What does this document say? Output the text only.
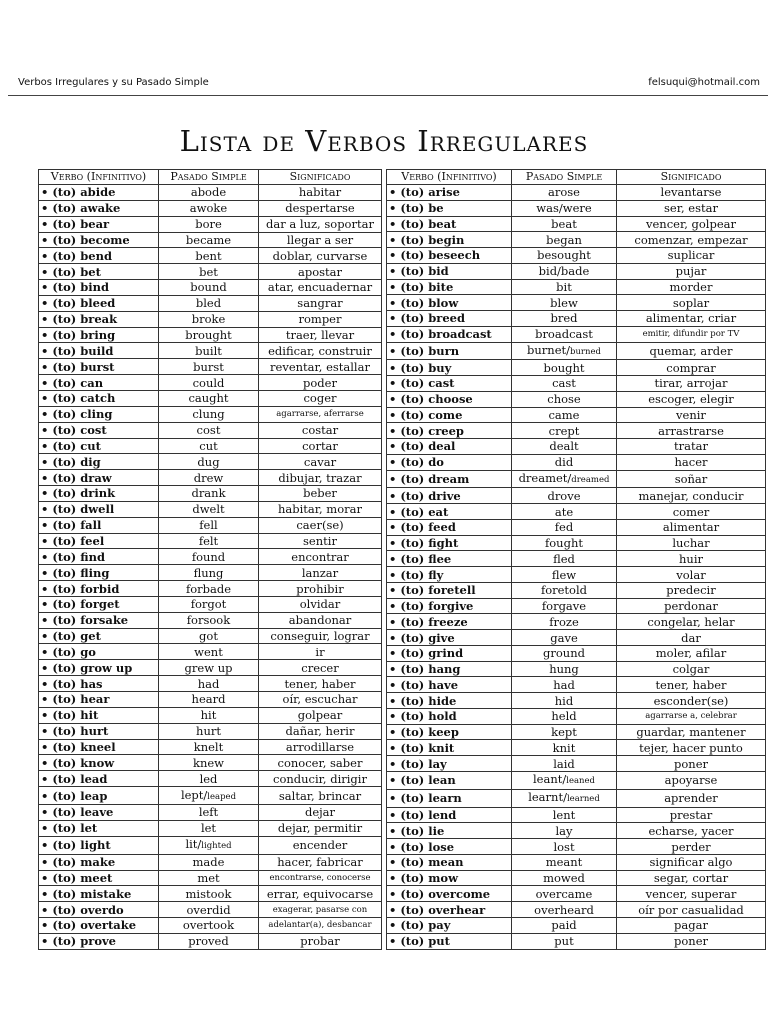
Verbos Irregulares y su Pasado Simple	felsuqui@hotmail.com
Lista de Verbos Irregulares
Verbo (Infinitivo)	Pasado Simple	Significado
• (to) abide	abode	habitar
• (to) awake	awoke	despertarse
• (to) bear	bore	dar a luz, soportar
• (to) become	became	llegar a ser
• (to) bend	bent	doblar, curvarse
• (to) bet	bet	apostar
• (to) bind	bound	atar, encuadernar
• (to) bleed	bled	sangrar
• (to) break	broke	romper
• (to) bring	brought	traer, llevar
• (to) build	built	edificar, construir
• (to) burst	burst	reventar, estallar
• (to) can	could	poder
• (to) catch	caught	coger
• (to) cling	clung	agarrarse, aferrarse
• (to) cost	cost	costar
• (to) cut	cut	cortar
• (to) dig	dug	cavar
• (to) draw	drew	dibujar, trazar
• (to) drink	drank	beber
• (to) dwell	dwelt	habitar, morar
• (to) fall	fell	caer(se)
• (to) feel	felt	sentir
• (to) find	found	encontrar
• (to) fling	flung	lanzar
• (to) forbid	forbade	prohibir
• (to) forget	forgot	olvidar
• (to) forsake	forsook	abandonar
• (to) get	got	conseguir, lograr
• (to) go	went	ir
• (to) grow up	grew up	crecer
• (to) has	had	tener, haber
• (to) hear	heard	oír, escuchar
• (to) hit	hit	golpear
• (to) hurt	hurt	dañar, herir
• (to) kneel	knelt	arrodillarse
• (to) know	knew	conocer, saber
• (to) lead	led	conducir, dirigir
• (to) leap	lept/leaped	saltar, brincar
• (to) leave	left	dejar
• (to) let	let	dejar, permitir
• (to) light	lit/lighted	encender
• (to) make	made	hacer, fabricar
• (to) meet	met	encontrarse, conocerse
• (to) mistake	mistook	errar, equivocarse
• (to) overdo	overdid	exagerar, pasarse con
• (to) overtake	overtook	adelantar(a), desbancar
• (to) prove	proved	probar
Verbo (Infinitivo)	Pasado Simple	Significado
• (to) arise	arose	levantarse
• (to) be	was/were	ser, estar
• (to) beat	beat	vencer, golpear
• (to) begin	began	comenzar, empezar
• (to) beseech	besought	suplicar
• (to) bid	bid/bade	pujar
• (to) bite	bit	morder
• (to) blow	blew	soplar
• (to) breed	bred	alimentar, criar
• (to) broadcast	broadcast	emitir, difundir por TV
• (to) burn	burnet/burned	quemar, arder
• (to) buy	bought	comprar
• (to) cast	cast	tirar, arrojar
• (to) choose	chose	escoger, elegir
• (to) come	came	venir
• (to) creep	crept	arrastrarse
• (to) deal	dealt	tratar
• (to) do	did	hacer
• (to) dream	dreamet/dreamed	soñar
• (to) drive	drove	manejar, conducir
• (to) eat	ate	comer
• (to) feed	fed	alimentar
• (to) fight	fought	luchar
• (to) flee	fled	huir
• (to) fly	flew	volar
• (to) foretell	foretold	predecir
• (to) forgive	forgave	perdonar
• (to) freeze	froze	congelar, helar
• (to) give	gave	dar
• (to) grind	ground	moler, afilar
• (to) hang	hung	colgar
• (to) have	had	tener, haber
• (to) hide	hid	esconder(se)
• (to) hold	held	agarrarse a, celebrar
• (to) keep	kept	guardar, mantener
• (to) knit	knit	tejer, hacer punto
• (to) lay	laid	poner
• (to) lean	leant/leaned	apoyarse
• (to) learn	learnt/learned	aprender
• (to) lend	lent	prestar
• (to) lie	lay	echarse, yacer
• (to) lose	lost	perder
• (to) mean	meant	significar algo
• (to) mow	mowed	segar, cortar
• (to) overcome	overcame	vencer, superar
• (to) overhear	overheard	oír por casualidad
• (to) pay	paid	pagar
• (to) put	put	poner
